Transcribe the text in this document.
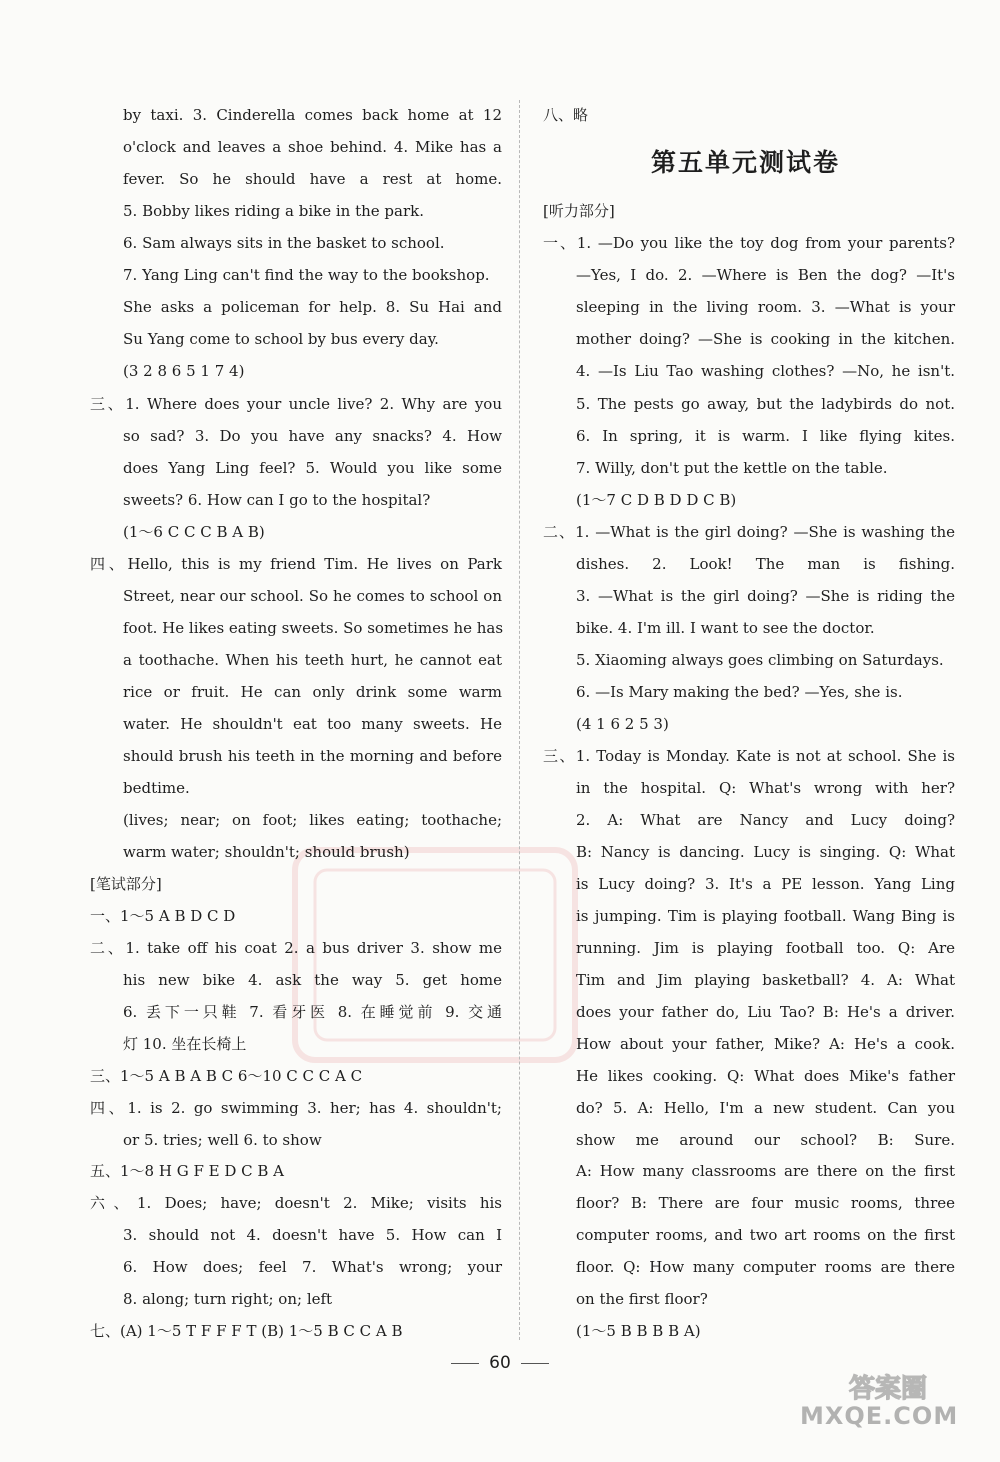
by taxi. 3. Cinderella comes back home at 12
o'clock and leaves a shoe behind. 4. Mike has a
fever. So he should have a rest at home.
5. Bobby likes riding a bike in the park.
6. Sam always sits in the basket to school.
7. Yang Ling can't find the way to the bookshop.
She asks a policeman for help. 8. Su Hai and
Su Yang come to school by bus every day.
(3 2 8 6 5 1 7 4)
三、1. Where does your uncle live? 2. Why are you
so sad? 3. Do you have any snacks? 4. How
does Yang Ling feel? 5. Would you like some
sweets? 6. How can I go to the hospital?
(1～6 C C C B A B)
四、Hello, this is my friend Tim. He lives on Park
Street, near our school. So he comes to school on
foot. He likes eating sweets. So sometimes he has
a toothache. When his teeth hurt, he cannot eat
rice or fruit. He can only drink some warm
water. He shouldn't eat too many sweets. He
should brush his teeth in the morning and before
bedtime.
(lives; near; on foot; likes eating; toothache;
warm water; shouldn't; should brush)
[笔试部分]
一、1～5 A B D C D
二、1. take off his coat 2. a bus driver 3. show me
his new bike 4. ask the way 5. get home
6. 丢下一只鞋 7. 看牙医 8. 在睡觉前 9. 交通
灯 10. 坐在长椅上
三、1～5 A B A B C 6～10 C C C A C
四、1. is 2. go swimming 3. her; has 4. shouldn't;
or 5. tries; well 6. to show
五、1～8 H G F E D C B A
六、1. Does; have; doesn't 2. Mike; visits his
3. should not 4. doesn't have 5. How can I
6. How does; feel 7. What's wrong; your
8. along; turn right; on; left
七、(A) 1～5 T F F F T (B) 1～5 B C C A B
八、略
第五单元测试卷
[听力部分]
一、1. —Do you like the toy dog from your parents?
—Yes, I do. 2. —Where is Ben the dog? —It's
sleeping in the living room. 3. —What is your
mother doing? —She is cooking in the kitchen.
4. —Is Liu Tao washing clothes? —No, he isn't.
5. The pests go away, but the ladybirds do not.
6. In spring, it is warm. I like flying kites.
7. Willy, don't put the kettle on the table.
(1～7 C D B D D C B)
二、1. —What is the girl doing? —She is washing the
dishes. 2. Look! The man is fishing.
3. —What is the girl doing? —She is riding the
bike. 4. I'm ill. I want to see the doctor.
5. Xiaoming always goes climbing on Saturdays.
6. —Is Mary making the bed? —Yes, she is.
(4 1 6 2 5 3)
三、1. Today is Monday. Kate is not at school. She is
in the hospital. Q: What's wrong with her?
2. A: What are Nancy and Lucy doing?
B: Nancy is dancing. Lucy is singing. Q: What
is Lucy doing? 3. It's a PE lesson. Yang Ling
is jumping. Tim is playing football. Wang Bing is
running. Jim is playing football too. Q: Are
Tim and Jim playing basketball? 4. A: What
does your father do, Liu Tao? B: He's a driver.
How about your father, Mike? A: He's a cook.
He likes cooking. Q: What does Mike's father
do? 5. A: Hello, I'm a new student. Can you
show me around our school? B: Sure.
A: How many classrooms are there on the first
floor? B: There are four music rooms, three
computer rooms, and two art rooms on the first
floor. Q: How many computer rooms are there
on the first floor?
(1～5 B B B B A)
60
答案圈
MXQE.COM
